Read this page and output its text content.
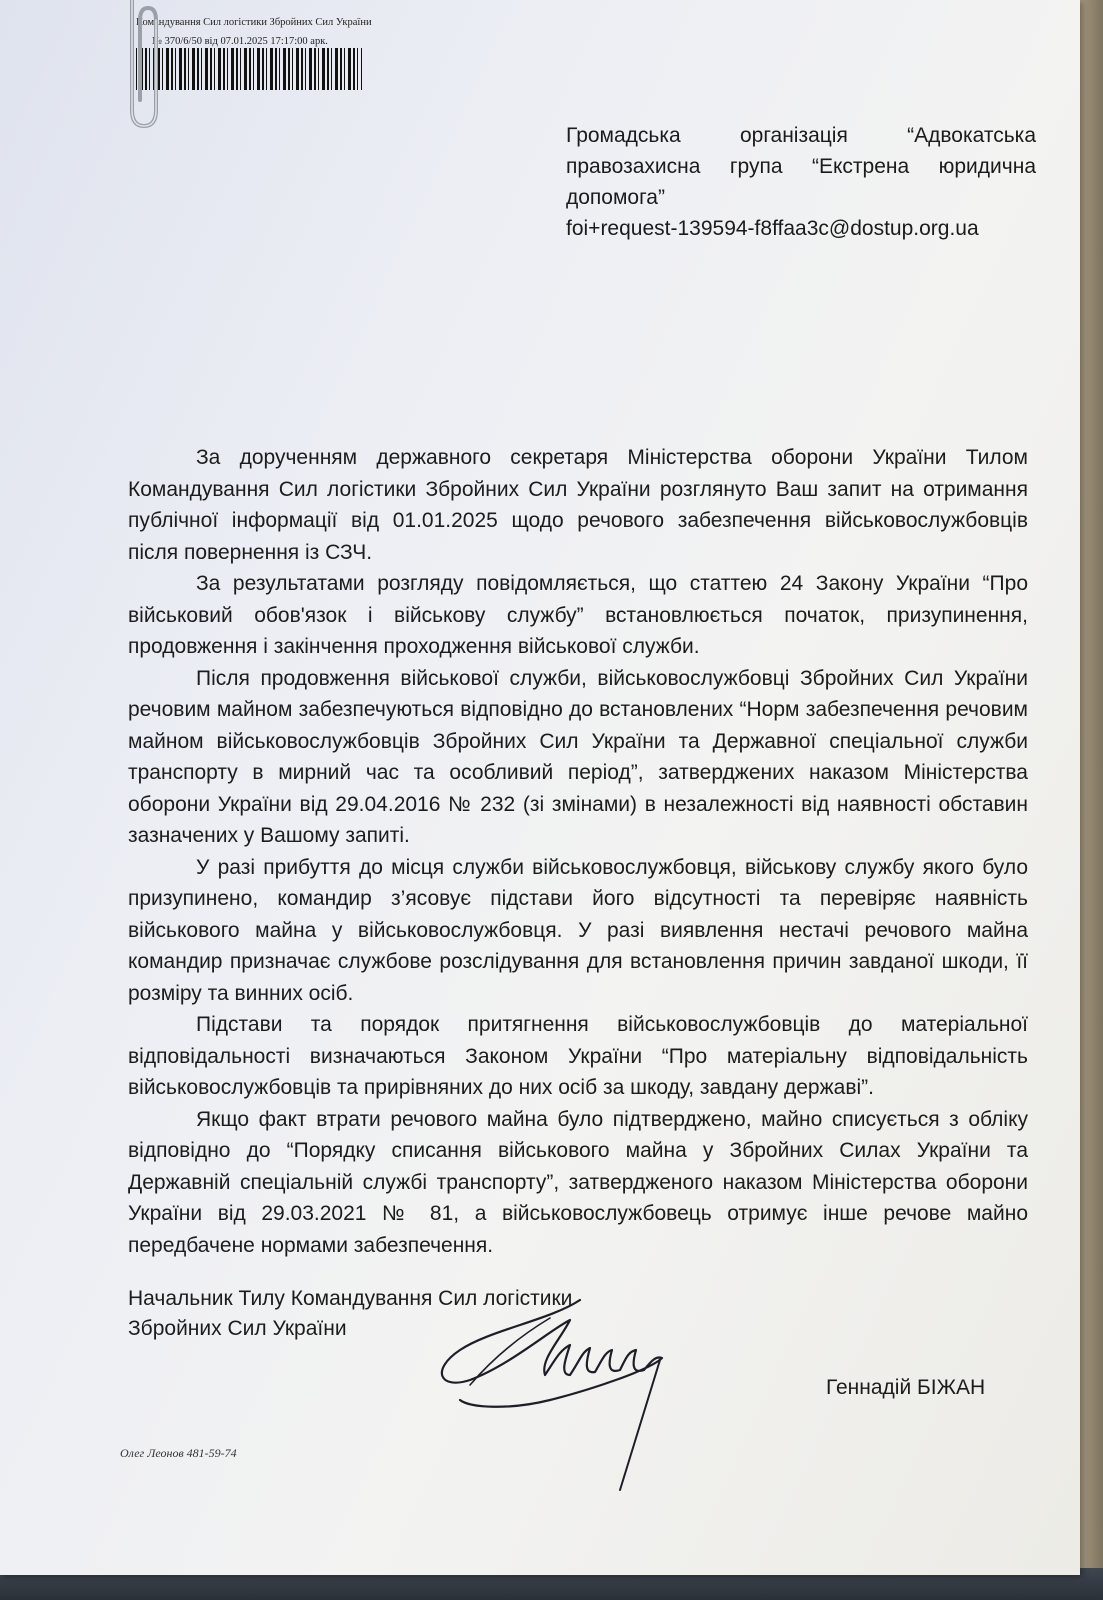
Командування Сил логістики Збройних Сил України
№ 370/6/50 від 07.01.2025 17:17:00 арк.
Громадська організація “Адвокатська
правозахисна група “Екстрена юридична
допомога”
foi+request-139594-f8ffaa3c@dostup.org.ua

За дорученням державного секретаря Міністерства оборони України Тилом Командування Сил логістики Збройних Сил України розглянуто Ваш запит на отримання публічної інформації від 01.01.2025 щодо речового забезпечення військовослужбовців після повернення із СЗЧ.

За результатами розгляду повідомляється, що статтею 24 Закону України “Про військовий обов'язок і військову службу” встановлюється початок, призупинення, продовження і закінчення проходження військової служби.

Після продовження військової служби, військовослужбовці Збройних Сил України речовим майном забезпечуються відповідно до встановлених “Норм забезпечення речовим майном військовослужбовців Збройних Сил України та Державної спеціальної служби транспорту в мирний час та особливий період”, затверджених наказом Міністерства оборони України від 29.04.2016 № 232 (зі змінами) в незалежності від наявності обставин зазначених у Вашому запиті.

У разі прибуття до місця служби військовослужбовця, військову службу якого було призупинено, командир з’ясовує підстави його відсутності та перевіряє наявність військового майна у військовослужбовця. У разі виявлення нестачі речового майна командир призначає службове розслідування для встановлення причин завданої шкоди, її розміру та винних осіб.

Підстави та порядок притягнення військовослужбовців до матеріальної відповідальності визначаються Законом України “Про матеріальну відповідальність військовослужбовців та прирівняних до них осіб за шкоду, завдану державі”.

Якщо факт втрати речового майна було підтверджено, майно списується з обліку відповідно до “Порядку списання військового майна у Збройних Силах України та Державній спеціальній службі транспорту”, затвердженого наказом Міністерства оборони України від 29.03.2021 № 81, а військовослужбовець отримує інше речове майно передбачене нормами забезпечення.

Начальник Тилу Командування Сил логістики
Збройних Сил України
Геннадій БІЖАН
Олег Леонов 481-59-74
